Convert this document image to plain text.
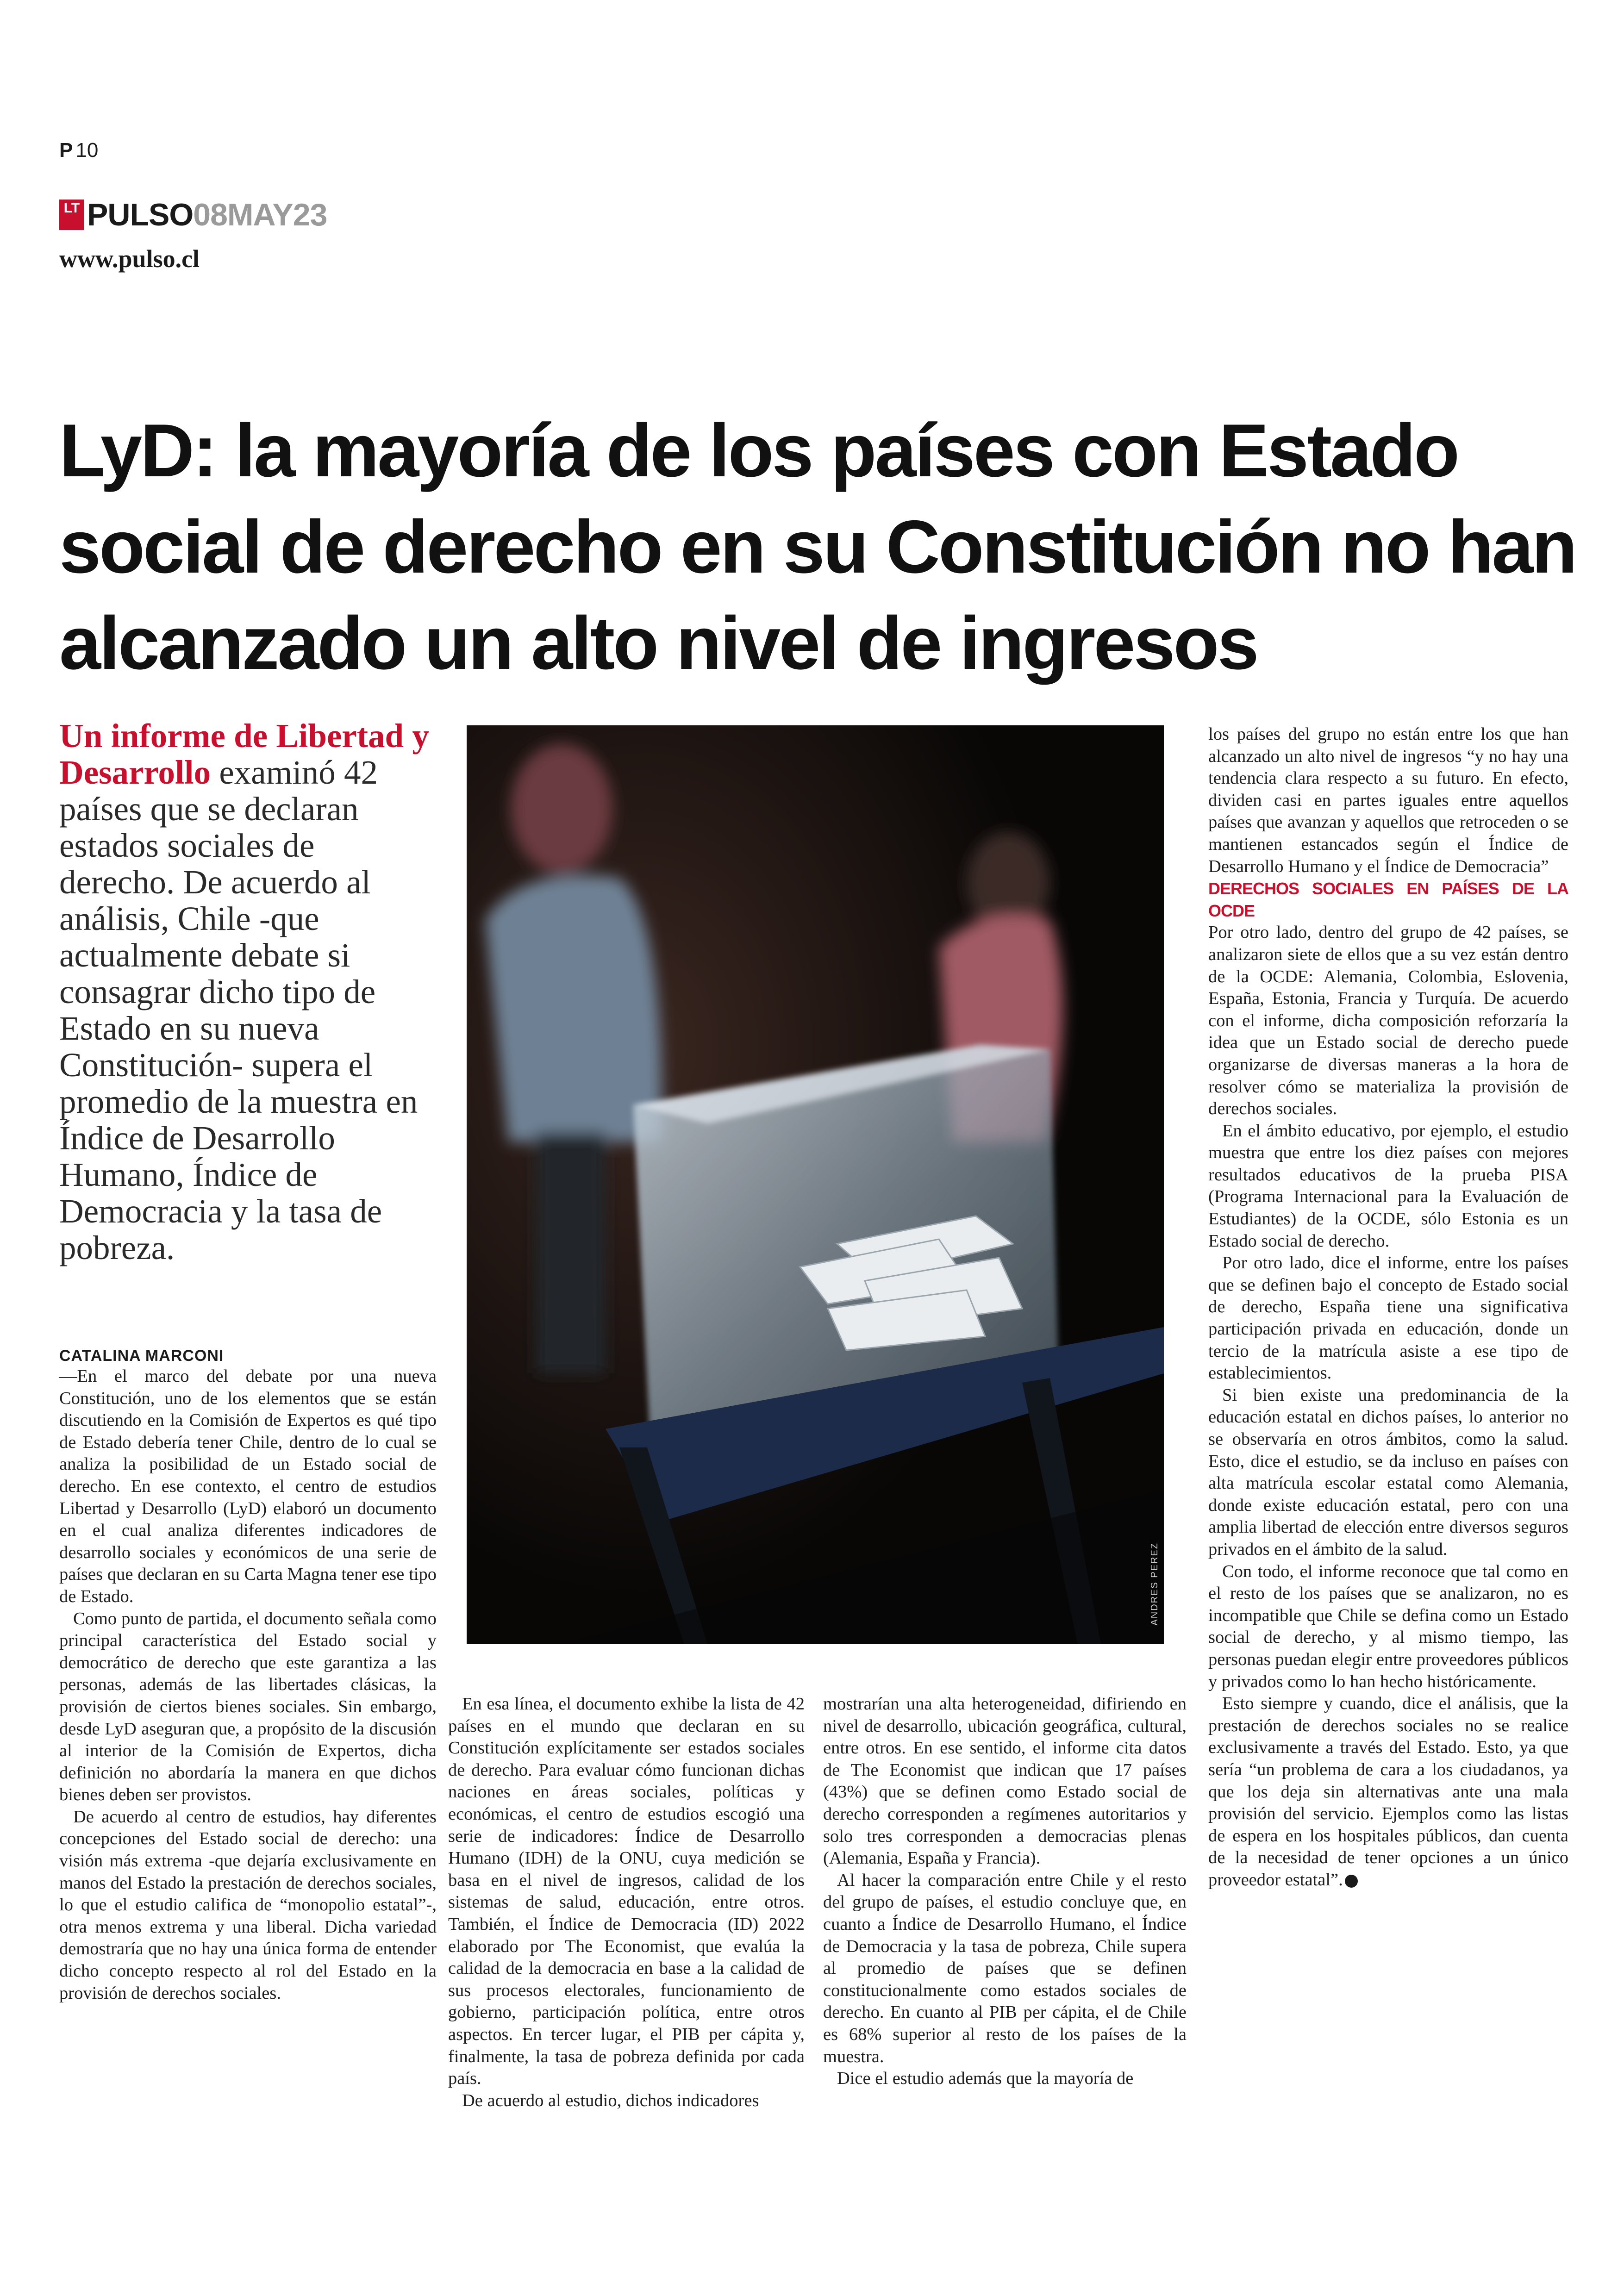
P 10
LT PULSO 08MAY23
www.pulso.cl
LyD: la mayoría de los países con Estado social de derecho en su Constitución no han alcanzado un alto nivel de ingresos
Un informe de Libertad y Desarrollo examinó 42 países que se declaran estados sociales de derecho. De acuerdo al análisis, Chile -que actualmente debate si consagrar dicho tipo de Estado en su nueva Constitución- supera el promedio de la muestra en Índice de Desarrollo Humano, Índice de Democracia y la tasa de pobreza.
ANDRES PEREZ
CATALINA MARCONI

—En el marco del debate por una nueva Constitución, uno de los elementos que se están discutiendo en la Comisión de Expertos es qué tipo de Estado debería tener Chile, dentro de lo cual se analiza la posibilidad de un Estado social de derecho. En ese contexto, el centro de estudios Libertad y Desarrollo (LyD) elaboró un documento en el cual analiza diferentes indicadores de desarrollo sociales y económicos de una serie de países que declaran en su Carta Magna tener ese tipo de Estado.

Como punto de partida, el documento señala como principal característica del Estado social y democrático de derecho que este garantiza a las personas, además de las libertades clásicas, la provisión de ciertos bienes sociales. Sin embargo, desde LyD aseguran que, a propósito de la discusión al interior de la Comisión de Expertos, dicha definición no abordaría la manera en que dichos bienes deben ser provistos.

De acuerdo al centro de estudios, hay diferentes concepciones del Estado social de derecho: una visión más extrema -que dejaría exclusivamente en manos del Estado la prestación de derechos sociales, lo que el estudio califica de “monopolio estatal”-, otra menos extrema y una liberal. Dicha variedad demostraría que no hay una única forma de entender dicho concepto respecto al rol del Estado en la provisión de derechos sociales.

En esa línea, el documento exhibe la lista de 42 países en el mundo que declaran en su Constitución explícitamente ser estados sociales de derecho. Para evaluar cómo funcionan dichas naciones en áreas sociales, políticas y económicas, el centro de estudios escogió una serie de indicadores: Índice de Desarrollo Humano (IDH) de la ONU, cuya medición se basa en el nivel de ingresos, calidad de los sistemas de salud, educación, entre otros. También, el Índice de Democracia (ID) 2022 elaborado por The Economist, que evalúa la calidad de la democracia en base a la calidad de sus procesos electorales, funcionamiento de gobierno, participación política, entre otros aspectos. En tercer lugar, el PIB per cápita y, finalmente, la tasa de pobreza definida por cada país.

De acuerdo al estudio, dichos indicadores

mostrarían una alta heterogeneidad, difiriendo en nivel de desarrollo, ubicación geográfica, cultural, entre otros. En ese sentido, el informe cita datos de The Economist que indican que 17 países (43%) que se definen como Estado social de derecho corresponden a regímenes autoritarios y solo tres corresponden a democracias plenas (Alemania, España y Francia).

Al hacer la comparación entre Chile y el resto del grupo de países, el estudio concluye que, en cuanto a Índice de Desarrollo Humano, el Índice de Democracia y la tasa de pobreza, Chile supera al promedio de países que se definen constitucionalmente como estados sociales de derecho. En cuanto al PIB per cápita, el de Chile es 68% superior al resto de los países de la muestra.

Dice el estudio además que la mayoría de

los países del grupo no están entre los que han alcanzado un alto nivel de ingresos “y no hay una tendencia clara respecto a su futuro. En efecto, dividen casi en partes iguales entre aquellos países que avanzan y aquellos que retroceden o se mantienen estancados según el Índice de Desarrollo Humano y el Índice de Democracia”

DERECHOS SOCIALES EN PAÍSES DE LA OCDE

Por otro lado, dentro del grupo de 42 países, se analizaron siete de ellos que a su vez están dentro de la OCDE: Alemania, Colombia, Eslovenia, España, Estonia, Francia y Turquía. De acuerdo con el informe, dicha composición reforzaría la idea que un Estado social de derecho puede organizarse de diversas maneras a la hora de resolver cómo se materializa la provisión de derechos sociales.

En el ámbito educativo, por ejemplo, el estudio muestra que entre los diez países con mejores resultados educativos de la prueba PISA (Programa Internacional para la Evaluación de Estudiantes) de la OCDE, sólo Estonia es un Estado social de derecho.

Por otro lado, dice el informe, entre los países que se definen bajo el concepto de Estado social de derecho, España tiene una significativa participación privada en educación, donde un tercio de la matrícula asiste a ese tipo de establecimientos.

Si bien existe una predominancia de la educación estatal en dichos países, lo anterior no se observaría en otros ámbitos, como la salud. Esto, dice el estudio, se da incluso en países con alta matrícula escolar estatal como Alemania, donde existe educación estatal, pero con una amplia libertad de elección entre diversos seguros privados en el ámbito de la salud.

Con todo, el informe reconoce que tal como en el resto de los países que se analizaron, no es incompatible que Chile se defina como un Estado social de derecho, y al mismo tiempo, las personas puedan elegir entre proveedores públicos y privados como lo han hecho históricamente.

Esto siempre y cuando, dice el análisis, que la prestación de derechos sociales no se realice exclusivamente a través del Estado. Esto, ya que sería “un problema de cara a los ciudadanos, ya que los deja sin alternativas ante una mala provisión del servicio. Ejemplos como las listas de espera en los hospitales públicos, dan cuenta de la necesidad de tener opciones a un único proveedor estatal”. P
